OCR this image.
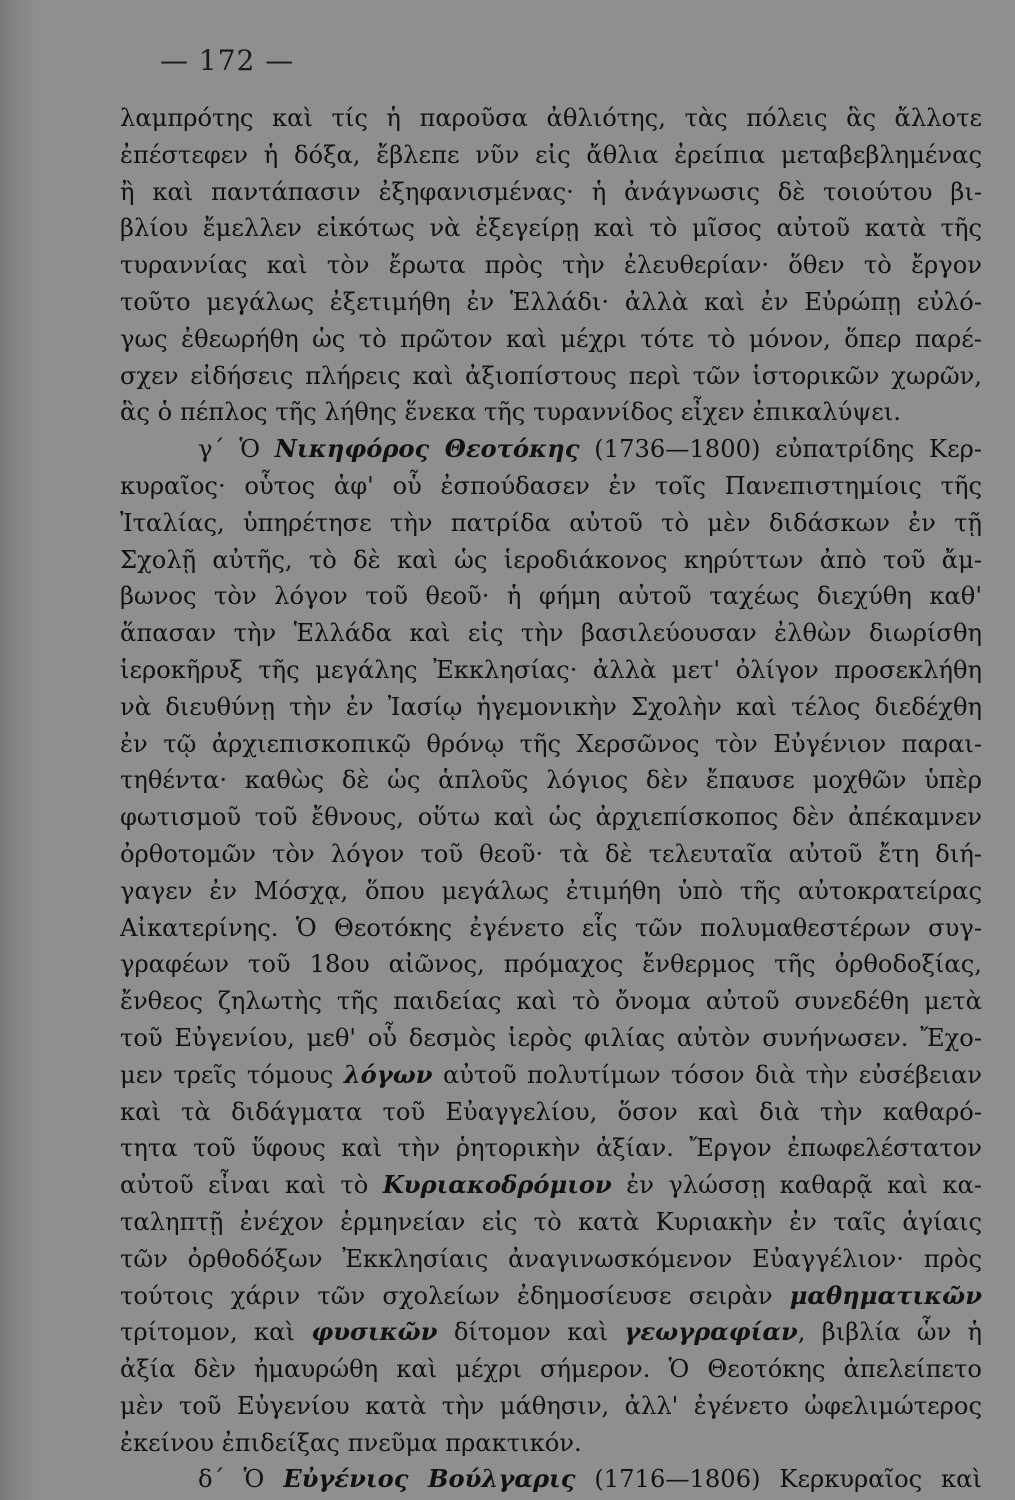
— 172 —
λαμπρότης καὶ τίς ἡ παροῦσα ἀθλιότης, τὰς πόλεις ἃς ἄλλοτε
ἐπέστεφεν ἡ δόξα, ἔβλεπε νῦν εἰς ἄθλια ἐρείπια μεταβεβλημένας
ἢ καὶ παντάπασιν ἐξηφανισμένας· ἡ ἀνάγνωσις δὲ τοιούτου βι-
βλίου ἔμελλεν εἰκότως νὰ ἐξεγείρῃ καὶ τὸ μῖσος αὐτοῦ κατὰ τῆς
τυραννίας καὶ τὸν ἔρωτα πρὸς τὴν ἐλευθερίαν· ὅθεν τὸ ἔργον
τοῦτο μεγάλως ἐξετιμήθη ἐν Ἑλλάδι· ἀλλὰ καὶ ἐν Εὐρώπῃ εὐλό-
γως ἐθεωρήθη ὡς τὸ πρῶτον καὶ μέχρι τότε τὸ μόνον, ὅπερ παρέ-
σχεν εἰδήσεις πλήρεις καὶ ἀξιοπίστους περὶ τῶν ἱστορικῶν χωρῶν,
ἃς ὁ πέπλος τῆς λήθης ἕνεκα τῆς τυραννίδος εἶχεν ἐπικαλύψει.
γ΄ Ὁ Νικηφόρος Θεοτόκης (1736—1800) εὐπατρίδης Κερ-
κυραῖος· οὗτος ἀφ' οὗ ἐσπούδασεν ἐν τοῖς Πανεπιστημίοις τῆς
Ἰταλίας, ὑπηρέτησε τὴν πατρίδα αὐτοῦ τὸ μὲν διδάσκων ἐν τῇ
Σχολῇ αὐτῆς, τὸ δὲ καὶ ὡς ἱεροδιάκονος κηρύττων ἀπὸ τοῦ ἄμ-
βωνος τὸν λόγον τοῦ θεοῦ· ἡ φήμη αὐτοῦ ταχέως διεχύθη καθ'
ἅπασαν τὴν Ἑλλάδα καὶ εἰς τὴν βασιλεύουσαν ἐλθὼν διωρίσθη
ἱεροκῆρυξ τῆς μεγάλης Ἐκκλησίας· ἀλλὰ μετ' ὀλίγον προσεκλήθη
νὰ διευθύνῃ τὴν ἐν Ἰασίῳ ἡγεμονικὴν Σχολὴν καὶ τέλος διεδέχθη
ἐν τῷ ἀρχιεπισκοπικῷ θρόνῳ τῆς Χερσῶνος τὸν Εὐγένιον παραι-
τηθέντα· καθὼς δὲ ὡς ἁπλοῦς λόγιος δὲν ἔπαυσε μοχθῶν ὑπὲρ
φωτισμοῦ τοῦ ἔθνους, οὕτω καὶ ὡς ἀρχιεπίσκοπος δὲν ἀπέκαμνεν
ὀρθοτομῶν τὸν λόγον τοῦ θεοῦ· τὰ δὲ τελευταῖα αὐτοῦ ἔτη διή-
γαγεν ἐν Μόσχᾳ, ὅπου μεγάλως ἐτιμήθη ὑπὸ τῆς αὐτοκρατείρας
Αἰκατερίνης. Ὁ Θεοτόκης ἐγένετο εἷς τῶν πολυμαθεστέρων συγ-
γραφέων τοῦ 18ου αἰῶνος, πρόμαχος ἔνθερμος τῆς ὀρθοδοξίας,
ἔνθεος ζηλωτὴς τῆς παιδείας καὶ τὸ ὄνομα αὐτοῦ συνεδέθη μετὰ
τοῦ Εὐγενίου, μεθ' οὗ δεσμὸς ἱερὸς φιλίας αὐτὸν συνήνωσεν. Ἔχο-
μεν τρεῖς τόμους λόγων αὐτοῦ πολυτίμων τόσον διὰ τὴν εὐσέβειαν
καὶ τὰ διδάγματα τοῦ Εὐαγγελίου, ὅσον καὶ διὰ τὴν καθαρό-
τητα τοῦ ὕφους καὶ τὴν ῥητορικὴν ἀξίαν. Ἔργον ἐπωφελέστατον
αὐτοῦ εἶναι καὶ τὸ Κυριακοδρόμιον ἐν γλώσσῃ καθαρᾷ καὶ κα-
ταληπτῇ ἐνέχον ἑρμηνείαν εἰς τὸ κατὰ Κυριακὴν ἐν ταῖς ἁγίαις
τῶν ὀρθοδόξων Ἐκκλησίαις ἀναγινωσκόμενον Εὐαγγέλιον· πρὸς
τούτοις χάριν τῶν σχολείων ἐδημοσίευσε σειρὰν μαθηματικῶν
τρίτομον, καὶ φυσικῶν δίτομον καὶ γεωγραφίαν, βιβλία ὧν ἡ
ἀξία δὲν ἠμαυρώθη καὶ μέχρι σήμερον. Ὁ Θεοτόκης ἀπελείπετο
μὲν τοῦ Εὐγενίου κατὰ τὴν μάθησιν, ἀλλ' ἐγένετο ὠφελιμώτερος
ἐκείνου ἐπιδείξας πνεῦμα πρακτικόν.
δ΄ Ὁ Εὐγένιος Βούλγαρις (1716—1806) Κερκυραῖος καὶ
